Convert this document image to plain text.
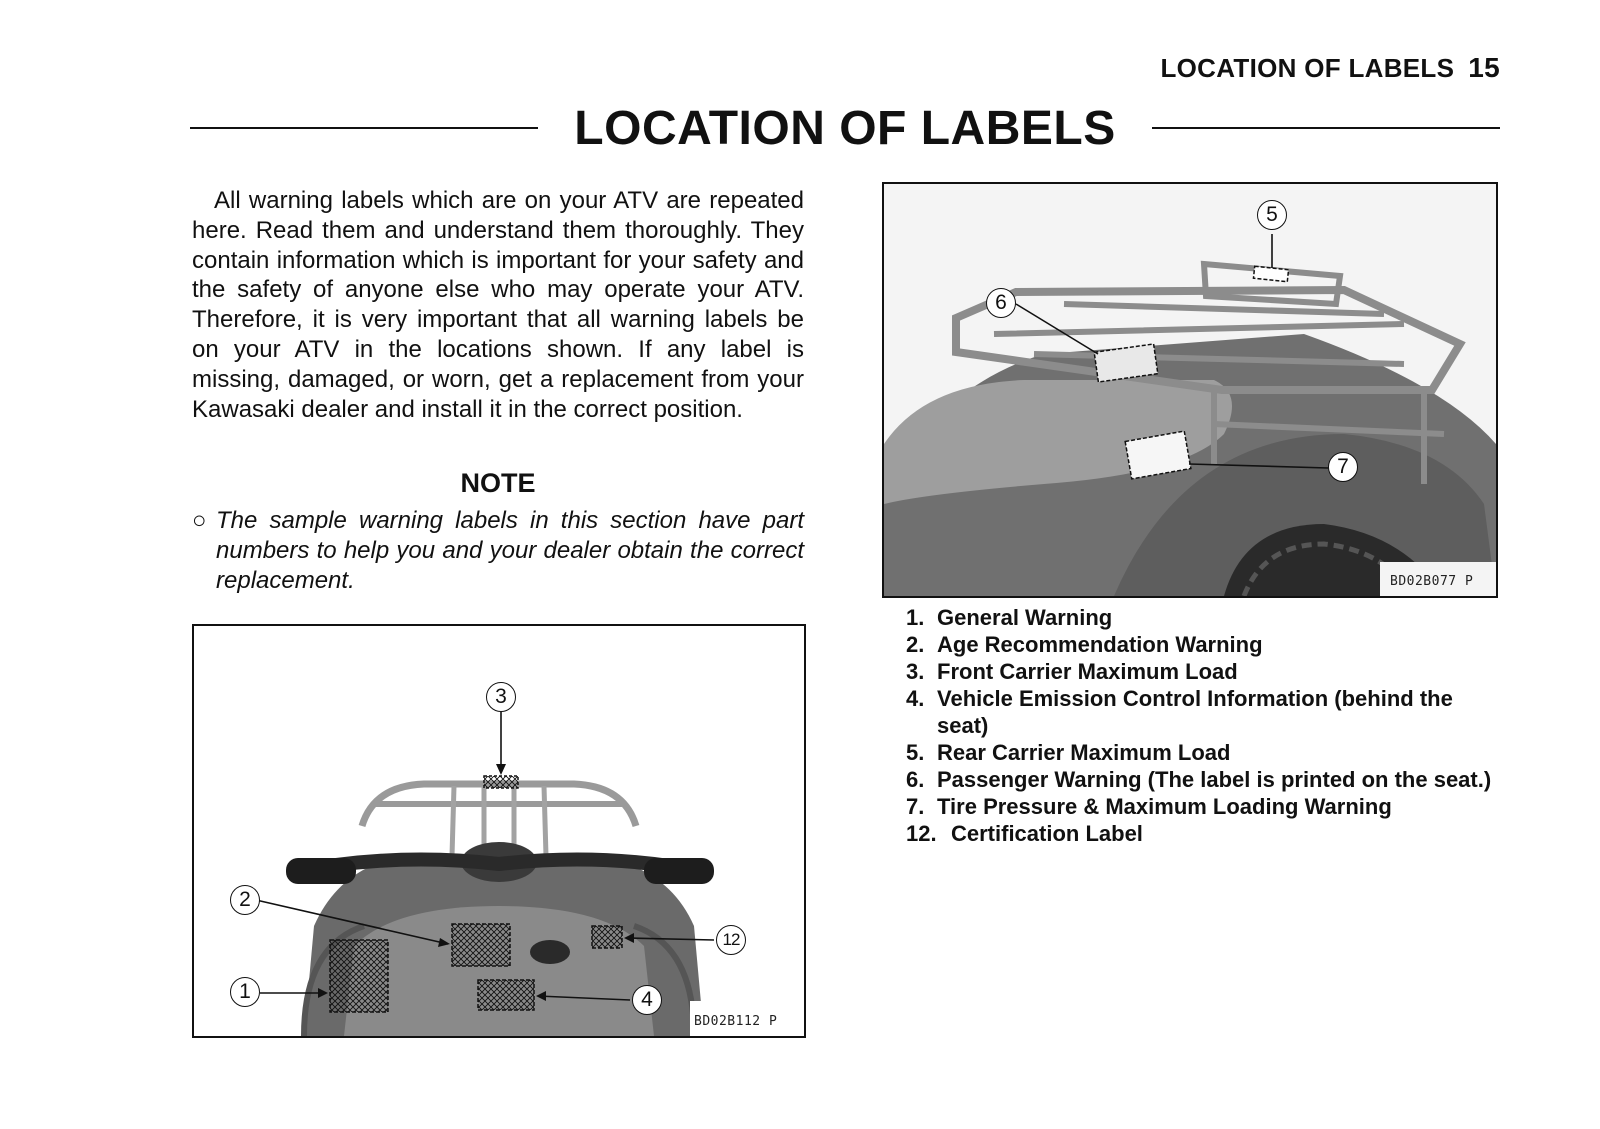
LOCATION OF LABELS 15
LOCATION OF LABELS

All warning labels which are on your ATV are repeated here. Read them and understand them thoroughly. They contain information which is important for your safety and the safety of anyone else who may operate your ATV. Therefore, it is very important that all warning labels be on your ATV in the locations shown. If any label is missing, damaged, or worn, get a replacement from your Kawasaki dealer and install it in the correct position.

NOTE
○ The sample warning labels in this section have part numbers to help you and your dealer obtain the correct replacement.
1
2
3
4
12
BD02B112 P
5
6
7
BD02B077 P
1. General Warning
2. Age Recommendation Warning
3. Front Carrier Maximum Load
4. Vehicle Emission Control Information (behind the seat)
5. Rear Carrier Maximum Load
6. Passenger Warning (The label is printed on the seat.)
7. Tire Pressure & Maximum Loading Warning
12. Certification Label
